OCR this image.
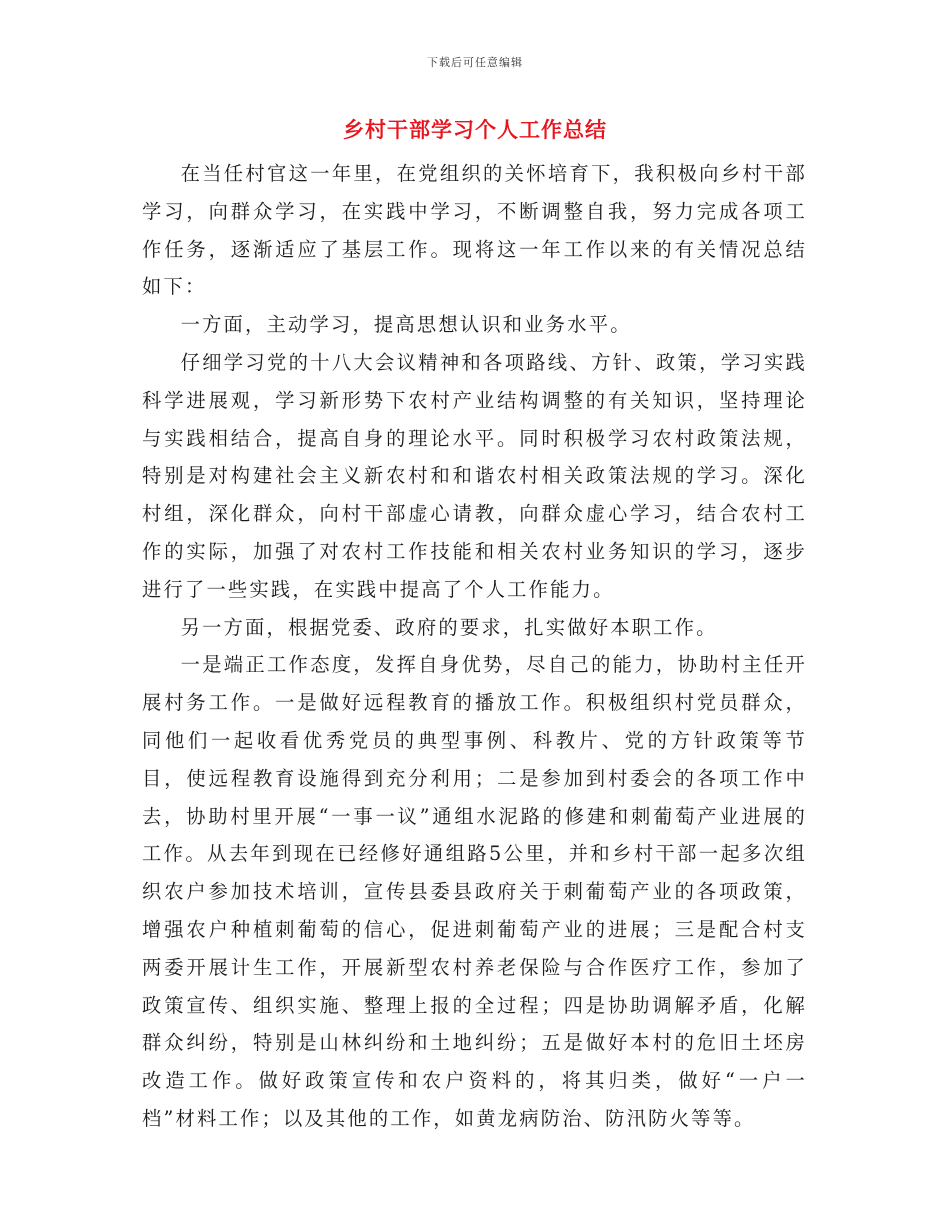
下载后可任意编辑
乡村干部学习个人工作总结

在当任村官这一年里，在党组织的关怀培育下，我积极向乡村干部学习，向群众学习，在实践中学习，不断调整自我，努力完成各项工作任务，逐渐适应了基层工作。现将这一年工作以来的有关情况总结如下：

一方面，主动学习，提高思想认识和业务水平。

仔细学习党的十八大会议精神和各项路线、方针、政策，学习实践科学进展观，学习新形势下农村产业结构调整的有关知识，坚持理论与实践相结合，提高自身的理论水平。同时积极学习农村政策法规，特别是对构建社会主义新农村和和谐农村相关政策法规的学习。深化村组，深化群众，向村干部虚心请教，向群众虚心学习，结合农村工作的实际，加强了对农村工作技能和相关农村业务知识的学习，逐步进行了一些实践，在实践中提高了个人工作能力。

另一方面，根据党委、政府的要求，扎实做好本职工作。

一是端正工作态度，发挥自身优势，尽自己的能力，协助村主任开展村务工作。一是做好远程教育的播放工作。积极组织村党员群众，同他们一起收看优秀党员的典型事例、科教片、党的方针政策等节目，使远程教育设施得到充分利用；二是参加到村委会的各项工作中去，协助村里开展“一事一议”通组水泥路的修建和刺葡萄产业进展的工作。从去年到现在已经修好通组路5公里，并和乡村干部一起多次组织农户参加技术培训，宣传县委县政府关于刺葡萄产业的各项政策，增强农户种植刺葡萄的信心，促进刺葡萄产业的进展；三是配合村支两委开展计生工作，开展新型农村养老保险与合作医疗工作，参加了政策宣传、组织实施、整理上报的全过程；四是协助调解矛盾，化解群众纠纷，特别是山林纠纷和土地纠纷；五是做好本村的危旧土坯房改造工作。做好政策宣传和农户资料的，将其归类，做好“一户一档”材料工作；以及其他的工作，如黄龙病防治、防汛防火等等。
